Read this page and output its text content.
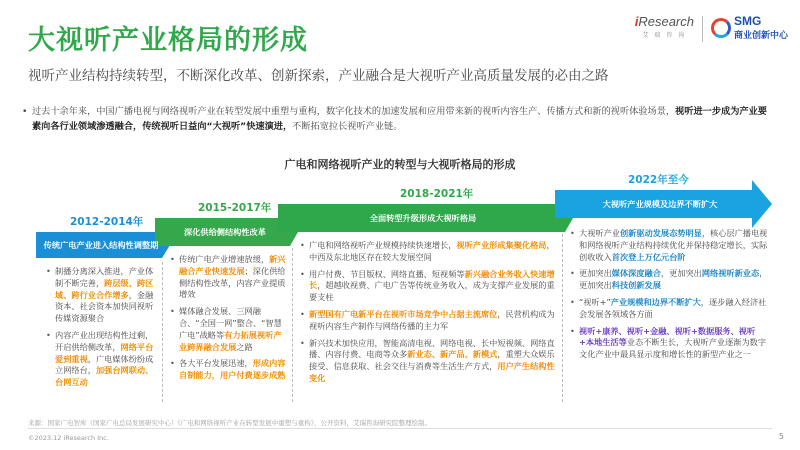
大视听产业格局的形成
视听产业结构持续转型，不断深化改革、创新探索，产业融合是大视听产业高质量发展的必由之路
iResearch
艾 瑞 咨 询
SMG
商业创新中心
• 过去十余年来，中国广播电视与网络视听产业在转型发展中重塑与重构，数字化技术的加速发展和应用带来新的视听内容生产、传播方式和新的视听体验场景，视听进一步成为产业要素向各行业领域渗透融合，传统视听日益向“大视听”快速演进，不断拓宽拉长视听产业链。
广电和网络视听产业的转型与大视听格局的形成
2012-2014年
2015-2017年
2018-2021年
2022年至今
传统广电产业进入结构性调整期
深化供给侧结构性改革
全面转型升级形成大视听格局
大视听产业规模及边界不断扩大
• 制播分离深入推进，产业体制不断完善，跨层级、跨区域、跨行业合作增多，金融资本、社会资本加快同视听传媒资源聚合
• 内容产业出现结构性过剩，开启供给侧改革，网络平台爱到重视，广电媒体纷纷成立网络台，加强台网联动、台网互动
• 传统广电产业增速放缓，新兴融合产业快速发展；深化供给侧结构性改革，内容产业提质增效
• 媒体融合发展、三网融合、“全国一网”整合、“智慧广电”战略等有力拓展视听产业跨界融合发展之路
• 各大平台发展迅速，形成内容自制能力，用户付费逐步成熟
• 广电和网络视听产业规模持续快速增长，视听产业形成集聚化格局，中西及东北地区存在较大发展空间
• 用户付费、节目版权、网络直播、短视频等新兴融合业务收入快速增长，超越收视费、广电广告等传统业务收入，成为支撑产业发展的重要支柱
• 新型国有广电新平台在视听市场竞争中占据主流席位，民营机构成为视听内容生产制作与网络传播的主力军
• 新兴技术加快应用，智能高清电视、网络电视、长中短视频、网络直播、内容付费、电商等众多新业态、新产品、新模式，重塑大众娱乐接受、信息获取、社会交往与消费等生活生产方式，用户产生结构性变化
• 大视听产业创新驱动发展态势明显，核心层广播电视和网络视听产业结构持续优化并保持稳定增长，实际创收收入首次登上万亿元台阶
• 更加突出媒体深度融合，更加突出网络视听新业态，更加突出科技创新发展
• “视听+”产业规模和边界不断扩大，逐步融入经济社会发展各领域各方面
• 视听+康养、视听+金融、视听+数据服务、视听+本地生活等业态不断生长，大视听产业逐渐为数字文化产业中最具显示度和增长性的新型产业之一
来源：国家广电智库（国家广电总局发展研究中心）《广电和网络视听产业在转型发展中重塑与重构》，公开资料，艾瑞咨询研究院整理绘制。
©2023.12 iResearch Inc.	5
